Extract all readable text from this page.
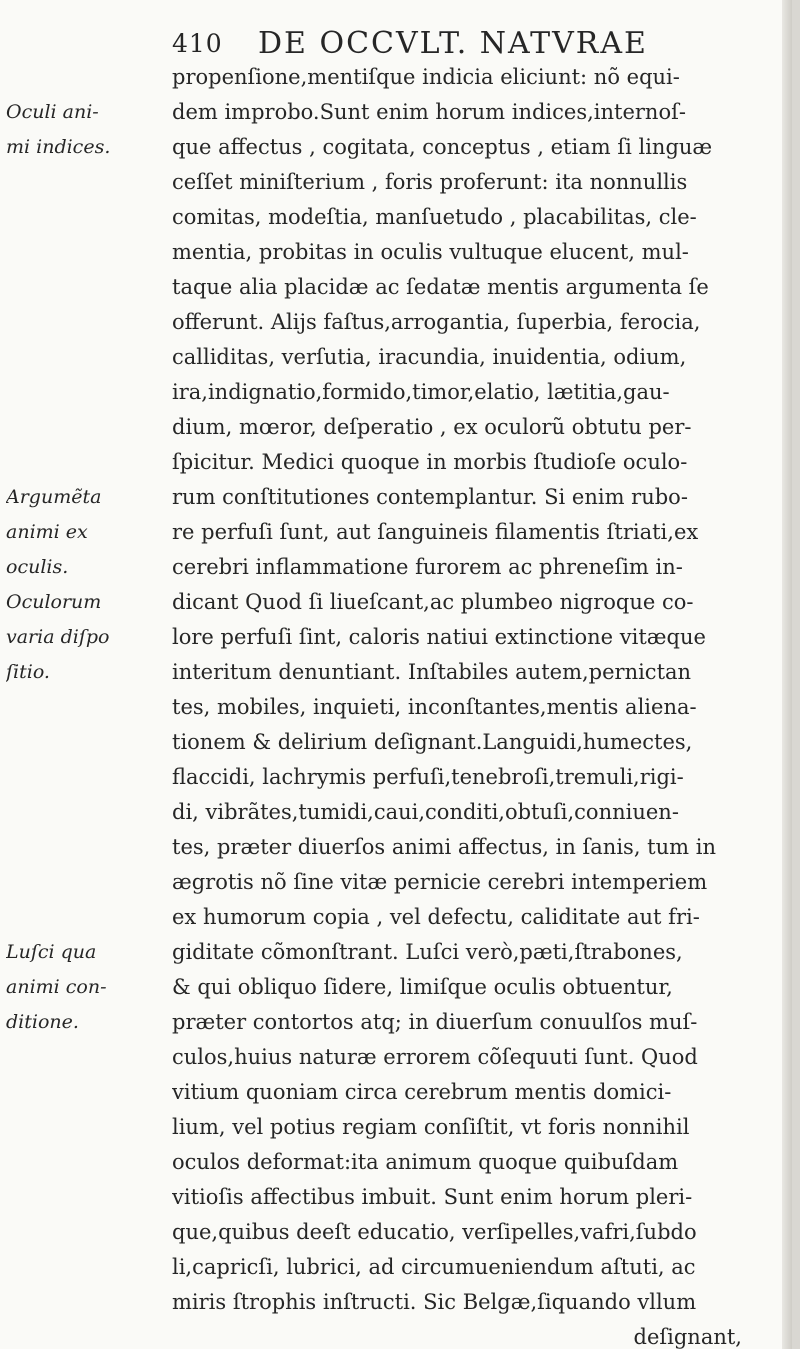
410 DE OCCVLT. NATVRAE
Oculi ani-
mi indices.
Argumẽta
animi ex
oculis.
Oculorum
varia diſpo
ſitio.
Luſci qua
animi con-
ditione.
propenſione,mentiſque indicia eliciunt: nõ equi-
dem improbo.Sunt enim horum indices,internoſ-
que affectus , cogitata, conceptus , etiam ſi linguæ
ceſſet miniſterium , foris proferunt: ita nonnullis
comitas, modeſtia, manſuetudo , placabilitas, cle-
mentia, probitas in oculis vultuque elucent, mul-
taque alia placidæ ac ſedatæ mentis argumenta ſe
offerunt. Alijs faſtus,arrogantia, ſuperbia, ferocia,
calliditas, verſutia, iracundia, inuidentia, odium,
ira,indignatio,formido,timor,elatio, lætitia,gau-
dium, mœror, deſperatio , ex oculorũ obtutu per-
ſpicitur. Medici quoque in morbis ſtudioſe oculo-
rum conſtitutiones contemplantur. Si enim rubo-
re perfuſi ſunt, aut ſanguineis filamentis ſtriati,ex
cerebri inflammatione furorem ac phreneſim in-
dicant Quod ſi liueſcant,ac plumbeo nigroque co-
lore perfuſi ſint, caloris natiui extinctione vitæque
interitum denuntiant. Inſtabiles autem,pernictan
tes, mobiles, inquieti, inconſtantes,mentis aliena-
tionem & delirium deſignant.Languidi,humectes,
flaccidi, lachrymis perfuſi,tenebroſi,tremuli,rigi-
di, vibrãtes,tumidi,caui,conditi,obtuſi,conniuen-
tes, præter diuerſos animi affectus, in ſanis, tum in
ægrotis nõ ſine vitæ pernicie cerebri intemperiem
ex humorum copia , vel defectu, caliditate aut fri-
giditate cõmonſtrant. Luſci verò,pæti,ſtrabones,
& qui obliquo ſidere, limiſque oculis obtuentur,
præter contortos atq; in diuerſum conuulſos muſ-
culos,huius naturæ errorem cõſequuti ſunt. Quod
vitium quoniam circa cerebrum mentis domici-
lium, vel potius regiam conſiſtit, vt foris nonnihil
oculos deformat:ita animum quoque quibuſdam
vitioſis affectibus imbuit. Sunt enim horum pleri-
que,quibus deeſt educatio, verſipelles,vafri,ſubdo
li,capricſi, lubrici, ad circumueniendum aſtuti, ac
miris ſtrophis inſtructi. Sic Belgæ,ſiquando vllum
deſignant,
